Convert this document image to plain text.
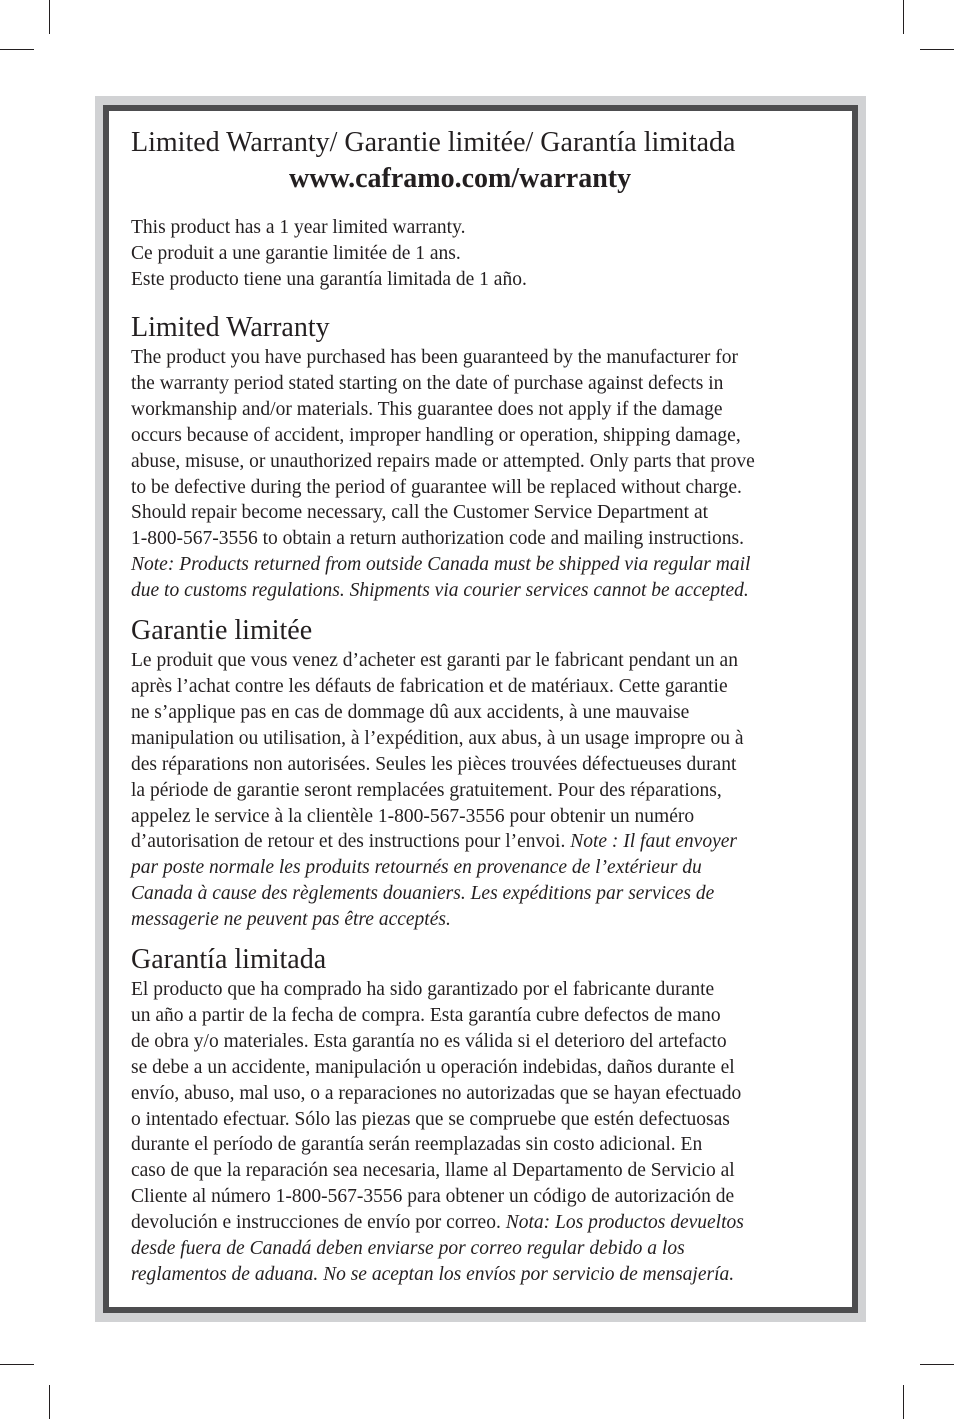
Limited Warranty/ Garantie limitée/ Garantía limitada
www.caframo.com/warranty
This product has a 1 year limited warranty.
Ce produit a une garantie limitée de 1 ans.
Este producto tiene una garantía limitada de 1 año.
Limited Warranty
The product you have purchased has been guaranteed by the manufacturer for
the warranty period stated starting on the date of purchase against defects in
workmanship and/or materials. This guarantee does not apply if the damage
occurs because of accident, improper handling or operation, shipping damage,
abuse, misuse, or unauthorized repairs made or attempted. Only parts that prove
to be defective during the period of guarantee will be replaced without charge.
Should repair become necessary, call the Customer Service Department at
1-800-567-3556 to obtain a return authorization code and mailing instructions.
Note: Products returned from outside Canada must be shipped via regular mail
due to customs regulations. Shipments via courier services cannot be accepted.
Garantie limitée
Le produit que vous venez d’acheter est garanti par le fabricant pendant un an
après l’achat contre les défauts de fabrication et de matériaux. Cette garantie
ne s’applique pas en cas de dommage dû aux accidents, à une mauvaise
manipulation ou utilisation, à l’expédition, aux abus, à un usage impropre ou à
des réparations non autorisées. Seules les pièces trouvées défectueuses durant
la période de garantie seront remplacées gratuitement. Pour des réparations,
appelez le service à la clientèle 1-800-567-3556 pour obtenir un numéro
d’autorisation de retour et des instructions pour l’envoi. Note : Il faut envoyer
par poste normale les produits retournés en provenance de l’extérieur du
Canada à cause des règlements douaniers. Les expéditions par services de
messagerie ne peuvent pas être acceptés.
Garantía limitada
El producto que ha comprado ha sido garantizado por el fabricante durante
un año a partir de la fecha de compra. Esta garantía cubre defectos de mano
de obra y/o materiales. Esta garantía no es válida si el deterioro del artefacto
se debe a un accidente, manipulación u operación indebidas, daños durante el
envío, abuso, mal uso, o a reparaciones no autorizadas que se hayan efectuado
o intentado efectuar. Sólo las piezas que se compruebe que estén defectuosas
durante el período de garantía serán reemplazadas sin costo adicional. En
caso de que la reparación sea necesaria, llame al Departamento de Servicio al
Cliente al número 1-800-567-3556 para obtener un código de autorización de
devolución e instrucciones de envío por correo. Nota: Los productos devueltos
desde fuera de Canadá deben enviarse por correo regular debido a los
reglamentos de aduana. No se aceptan los envíos por servicio de mensajería.
